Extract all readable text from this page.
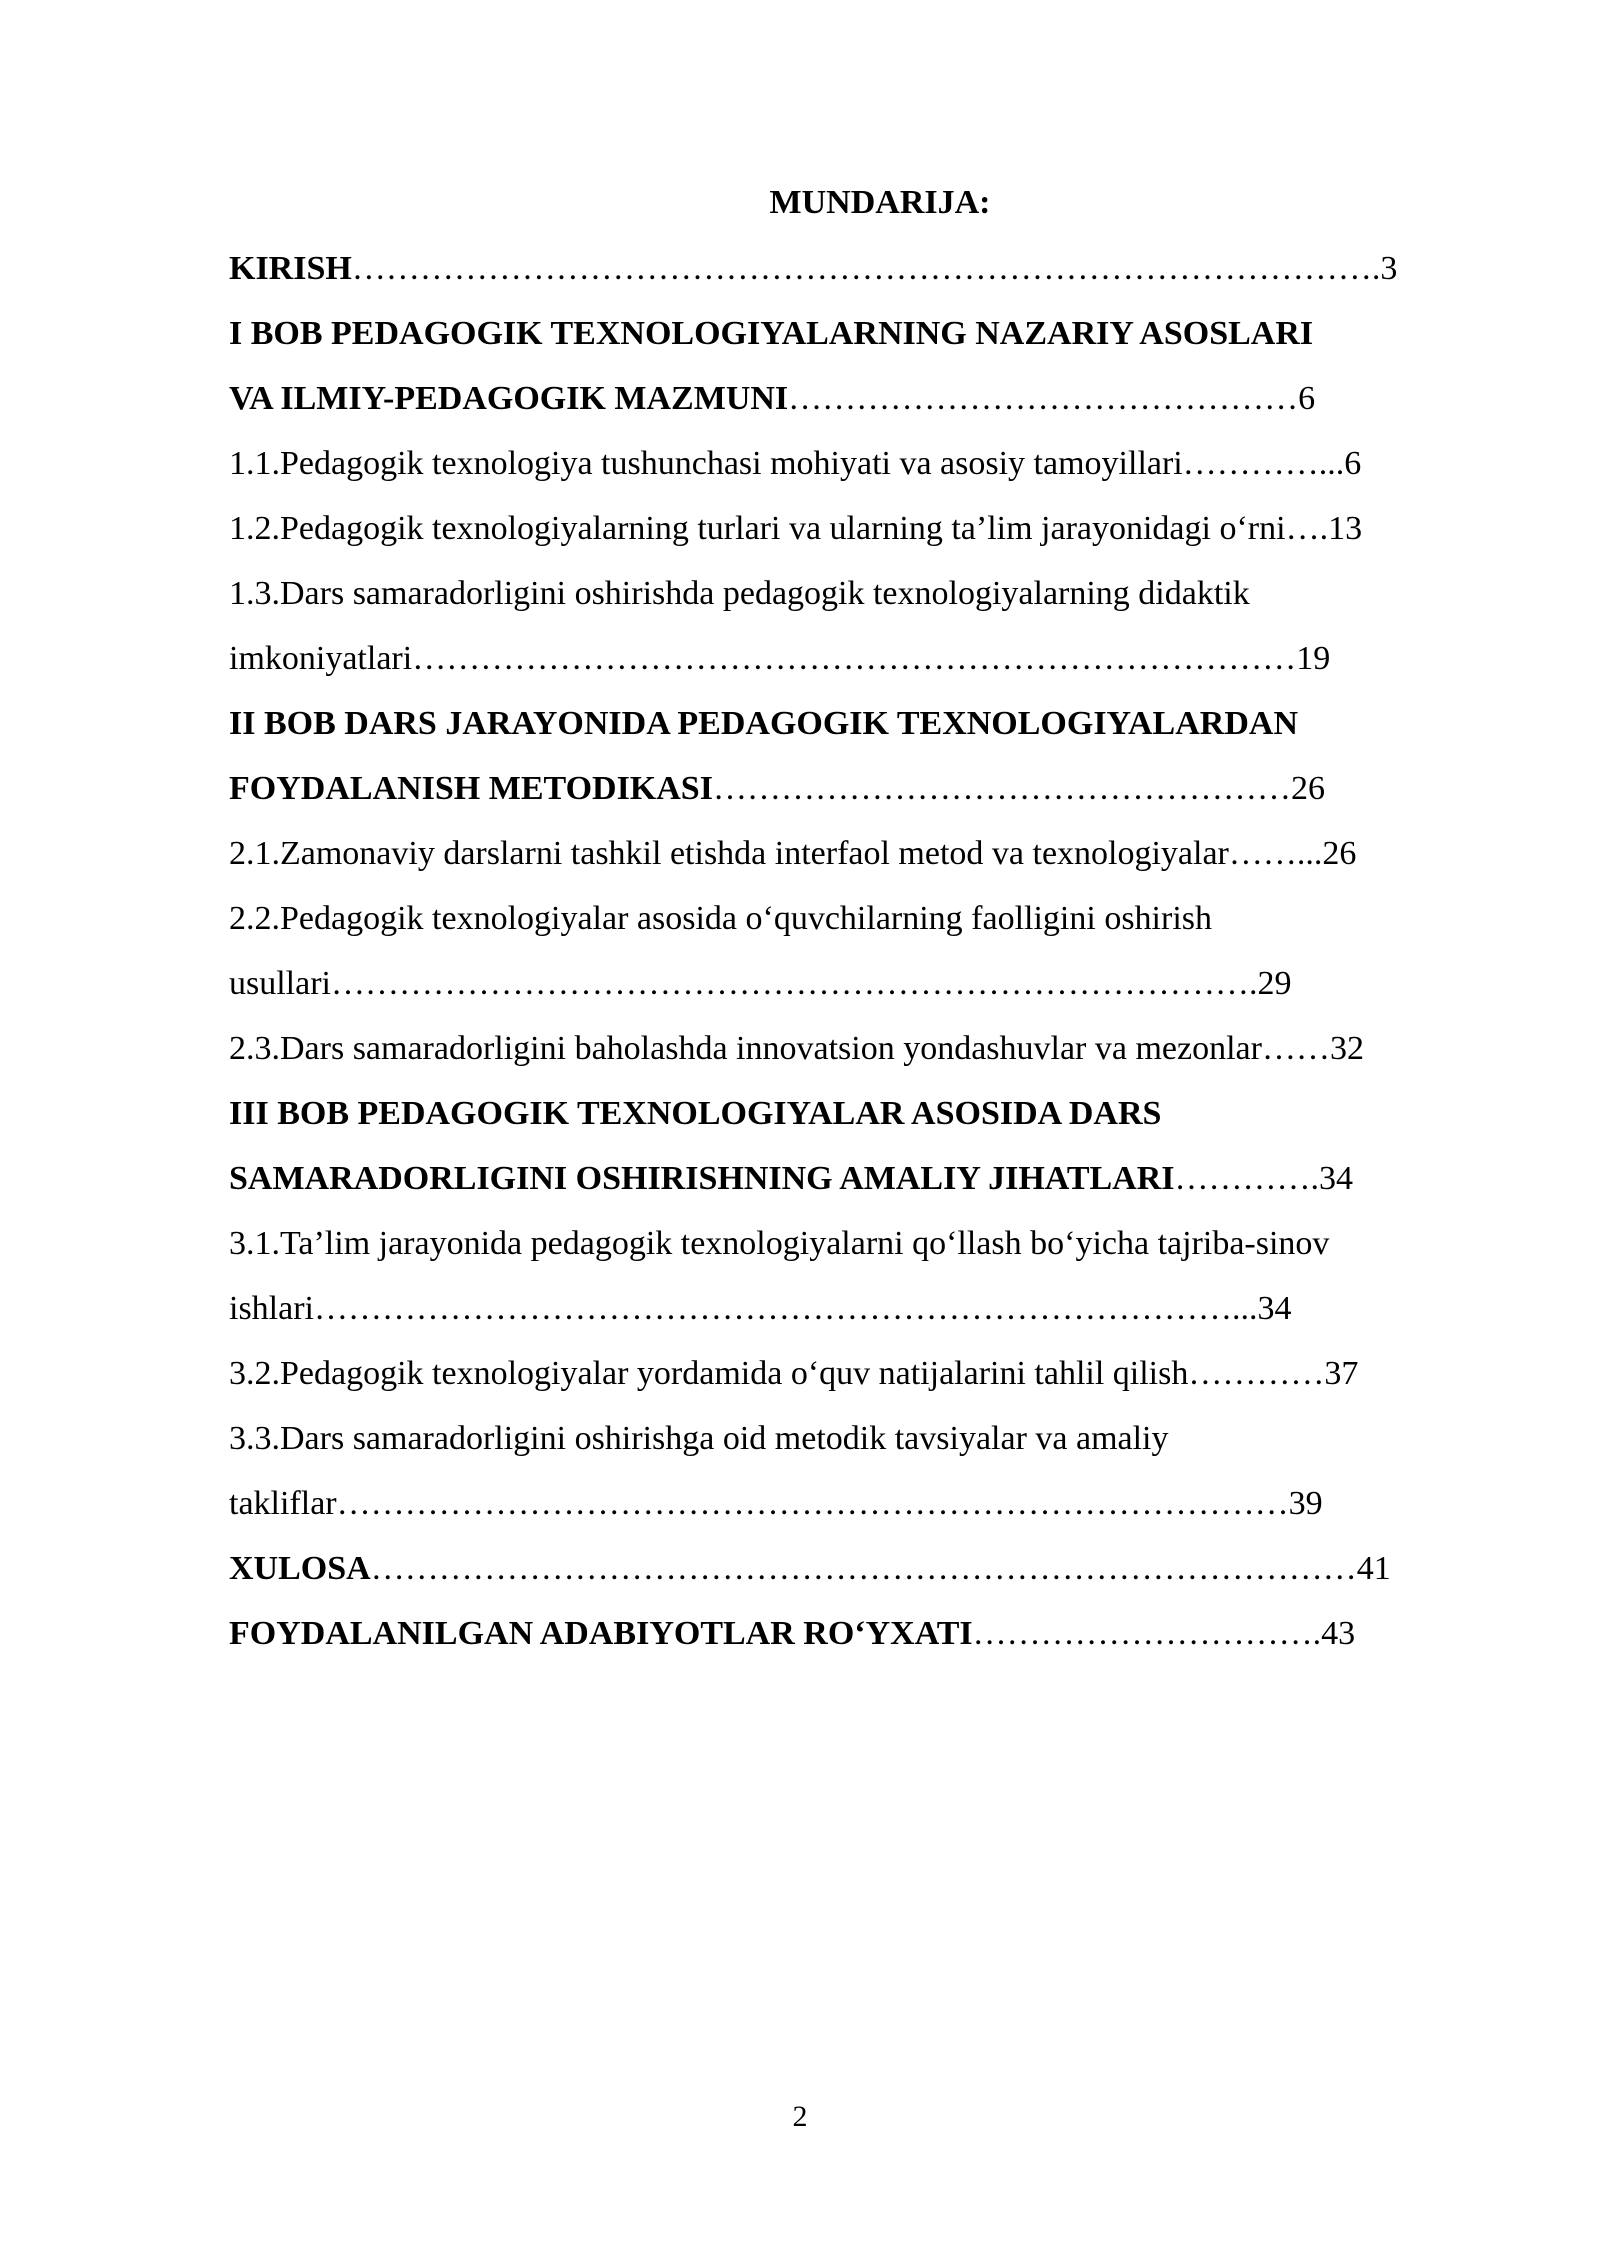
MUNDARIJA:
KIRISH……………………………………………………………………………….3
I BOB PEDAGOGIK TEXNOLOGIYALARNING NAZARIY ASOSLARI
VA ILMIY-PEDAGOGIK MAZMUNI………………………………………6
1.1.Pedagogik texnologiya tushunchasi mohiyati va asosiy tamoyillari…………...6
1.2.Pedagogik texnologiyalarning turlari va ularning ta’lim jarayonidagi o‘rni….13
1.3.Dars samaradorligini oshirishda pedagogik texnologiyalarning didaktik
imkoniyatlari……………………………………………………………………19
II BOB DARS JARAYONIDA PEDAGOGIK TEXNOLOGIYALARDAN
FOYDALANISH METODIKASI……………………………………………26
2.1.Zamonaviy darslarni tashkil etishda interfaol metod va texnologiyalar……...26
2.2.Pedagogik texnologiyalar asosida o‘quvchilarning faolligini oshirish
usullari……………………………………………………………………….29
2.3.Dars samaradorligini baholashda innovatsion yondashuvlar va mezonlar……32
III BOB PEDAGOGIK TEXNOLOGIYALAR ASOSIDA DARS
SAMARADORLIGINI OSHIRISHNING AMALIY JIHATLARI………….34
3.1.Ta’lim jarayonida pedagogik texnologiyalarni qo‘llash bo‘yicha tajriba-sinov
ishlari………………………………………………………………………...34
3.2.Pedagogik texnologiyalar yordamida o‘quv natijalarini tahlil qilish…………37
3.3.Dars samaradorligini oshirishga oid metodik tavsiyalar va amaliy
takliflar…………………………………………………………………………39
XULOSA……………………………………………………………………………41
FOYDALANILGAN ADABIYOTLAR RO‘YXATI………………………….43
2
